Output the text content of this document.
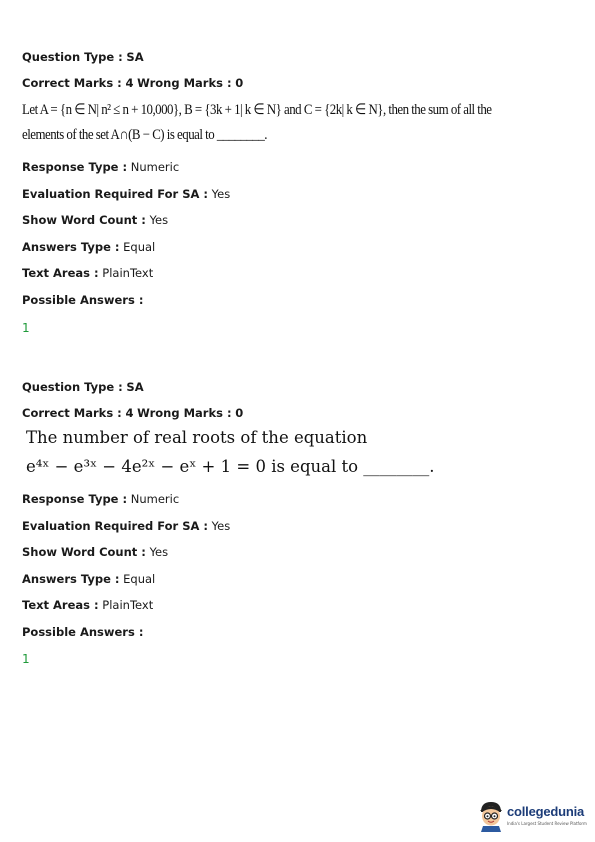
Question Type : SA
Correct Marks : 4 Wrong Marks : 0
Let A = {n ∈ N| n² ≤ n + 10,000}, B = {3k + 1| k ∈ N} and C = {2k| k ∈ N}, then the sum of all the
elements of the set A∩(B − C) is equal to ________.
Response Type : Numeric
Evaluation Required For SA : Yes
Show Word Count : Yes
Answers Type : Equal
Text Areas : PlainText
Possible Answers :
1
Question Type : SA
Correct Marks : 4 Wrong Marks : 0
The number of real roots of the equation
e⁴ˣ − e³ˣ − 4e²ˣ − eˣ + 1 = 0 is equal to ________.
Response Type : Numeric
Evaluation Required For SA : Yes
Show Word Count : Yes
Answers Type : Equal
Text Areas : PlainText
Possible Answers :
1
collegedunia
India's Largest Student Review Platform
